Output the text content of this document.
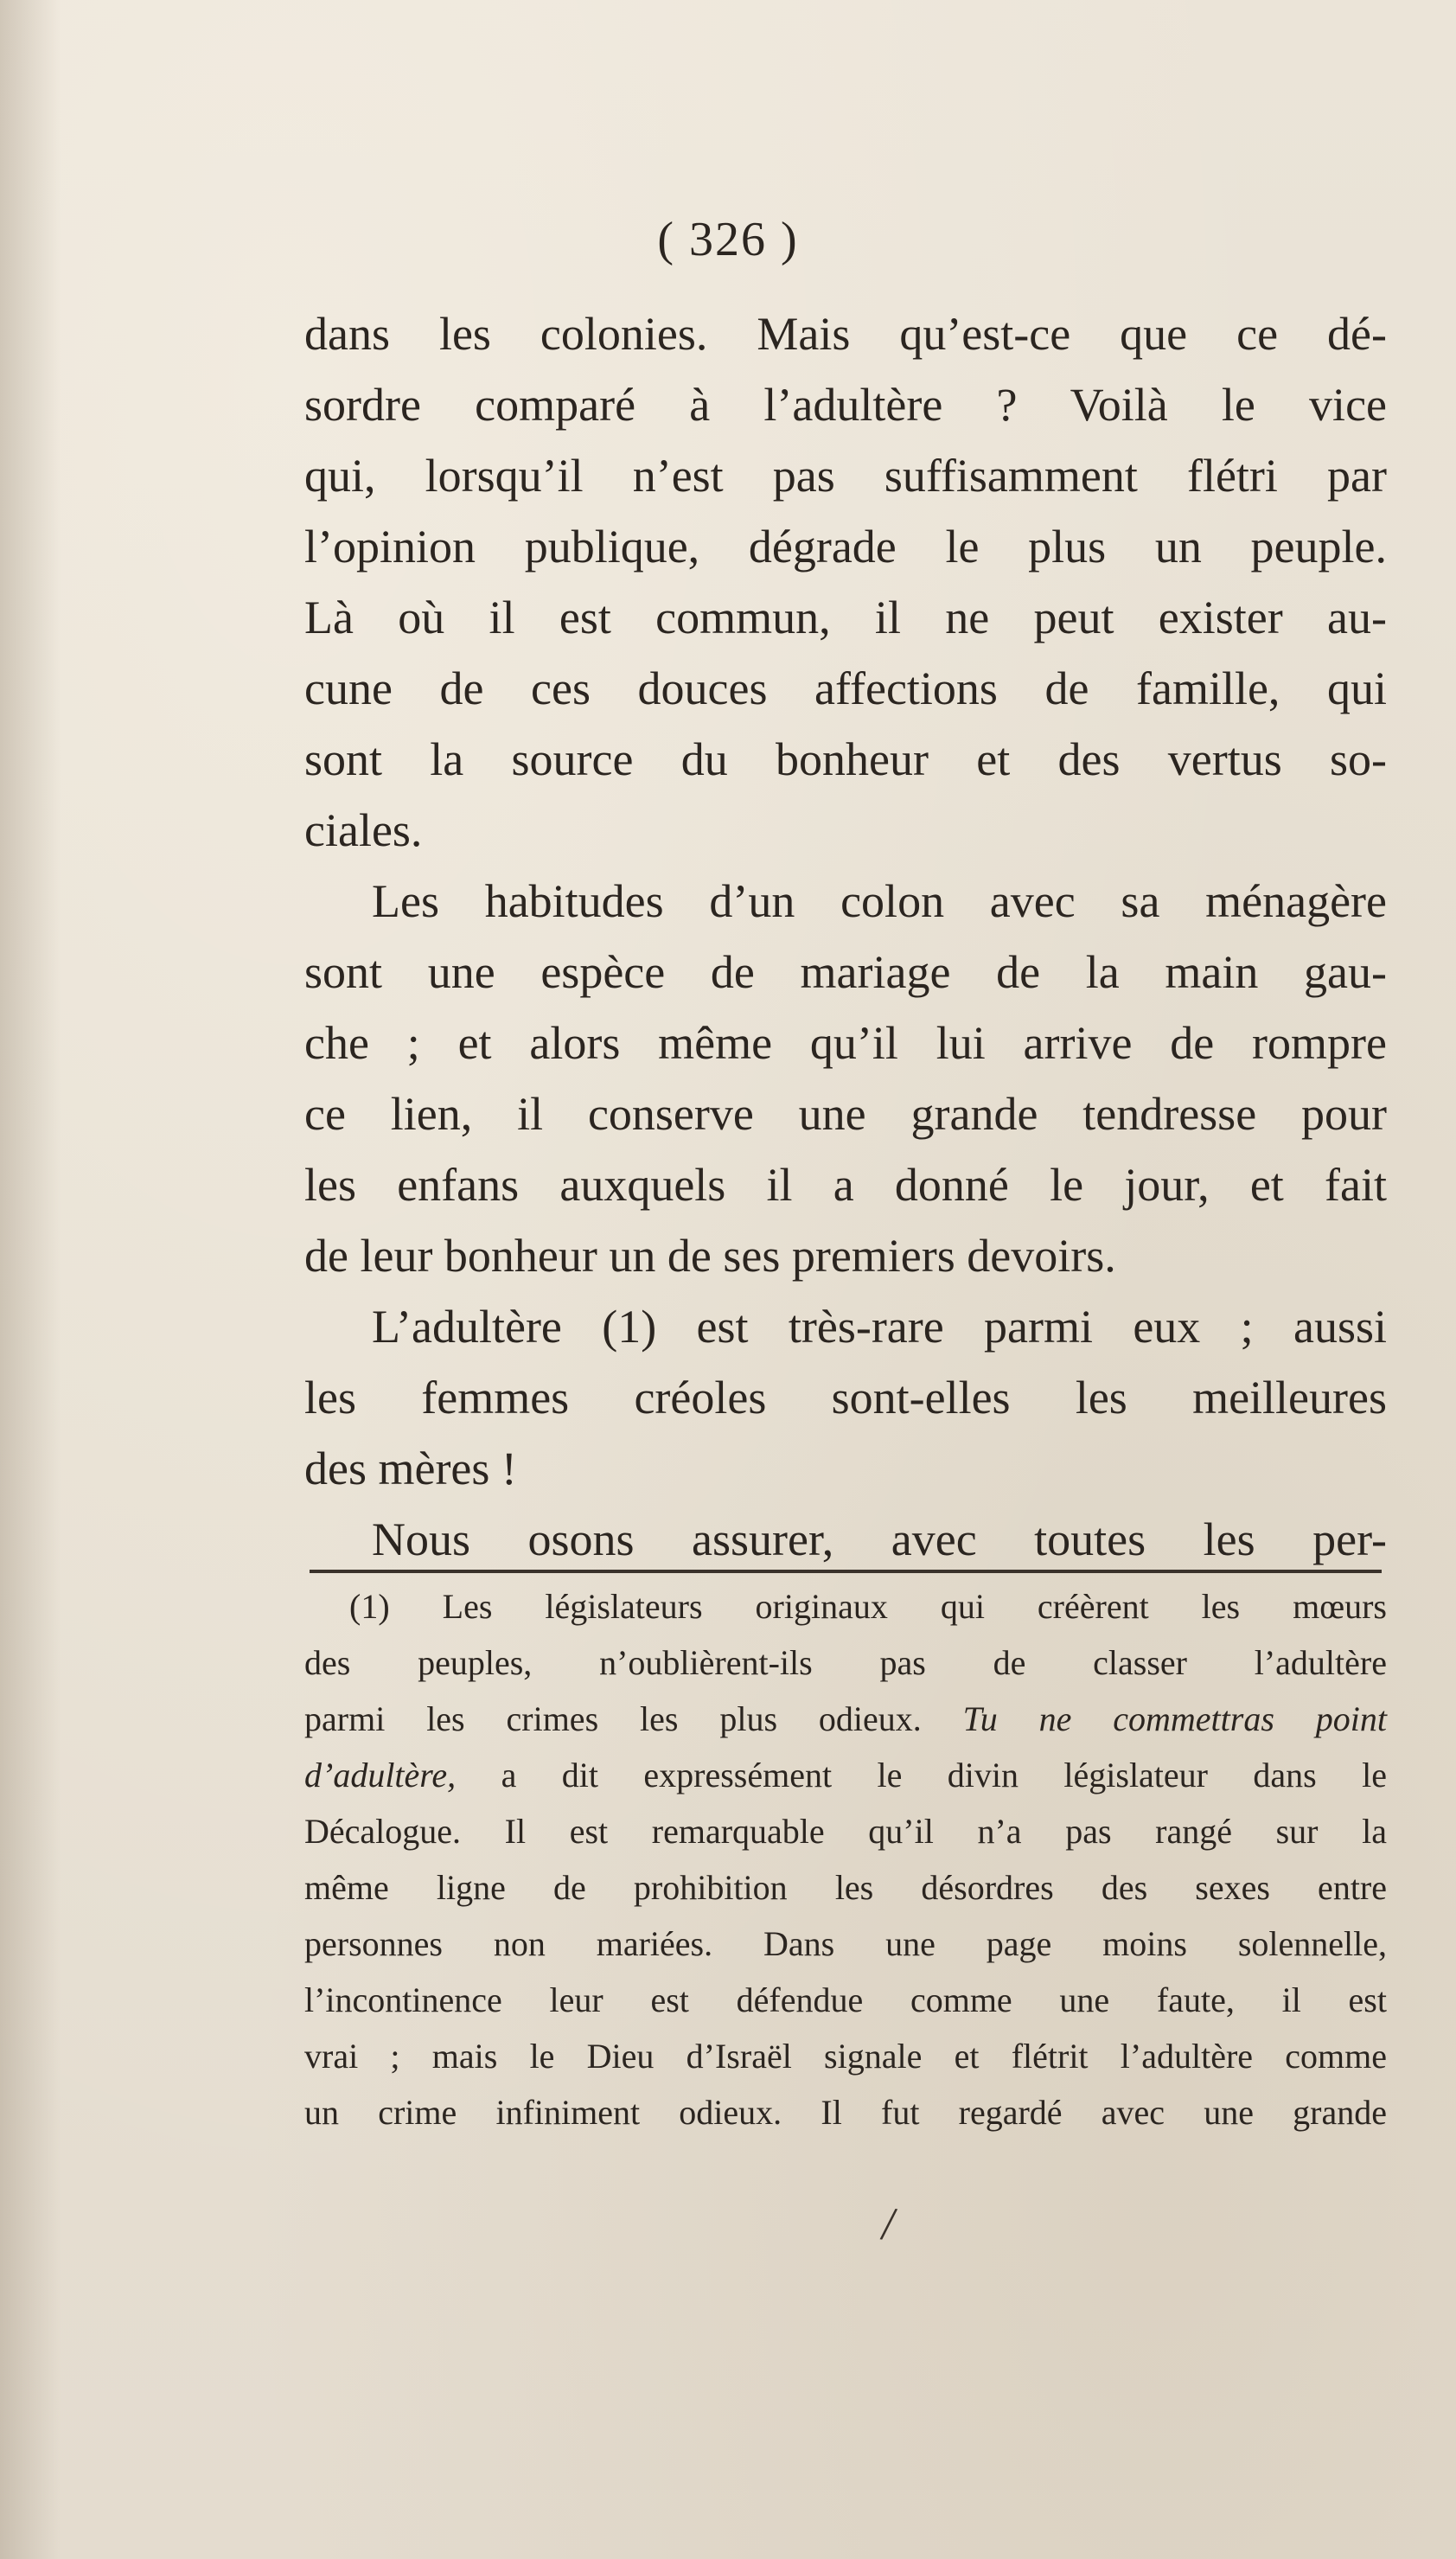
( 326 )
dans les colonies. Mais qu’est-ce que ce dé-
sordre comparé à l’adultère ? Voilà le vice
qui, lorsqu’il n’est pas suffisamment flétri par
l’opinion publique, dégrade le plus un peuple.
Là où il est commun, il ne peut exister au-
cune de ces douces affections de famille, qui
sont la source du bonheur et des vertus so-
ciales.
Les habitudes d’un colon avec sa ménagère
sont une espèce de mariage de la main gau-
che ; et alors même qu’il lui arrive de rompre
ce lien, il conserve une grande tendresse pour
les enfans auxquels il a donné le jour, et fait
de leur bonheur un de ses premiers devoirs.
L’adultère (1) est très-rare parmi eux ; aussi
les femmes créoles sont-elles les meilleures
des mères !
Nous osons assurer, avec toutes les per-
(1) Les législateurs originaux qui créèrent les mœurs
des peuples, n’oublièrent-ils pas de classer l’adultère
parmi les crimes les plus odieux. Tu ne commettras point
d’adultère, a dit expressément le divin législateur dans le
Décalogue. Il est remarquable qu’il n’a pas rangé sur la
même ligne de prohibition les désordres des sexes entre
personnes non mariées. Dans une page moins solennelle,
l’incontinence leur est défendue comme une faute, il est
vrai ; mais le Dieu d’Israël signale et flétrit l’adultère comme
un crime infiniment odieux. Il fut regardé avec une grande
/
